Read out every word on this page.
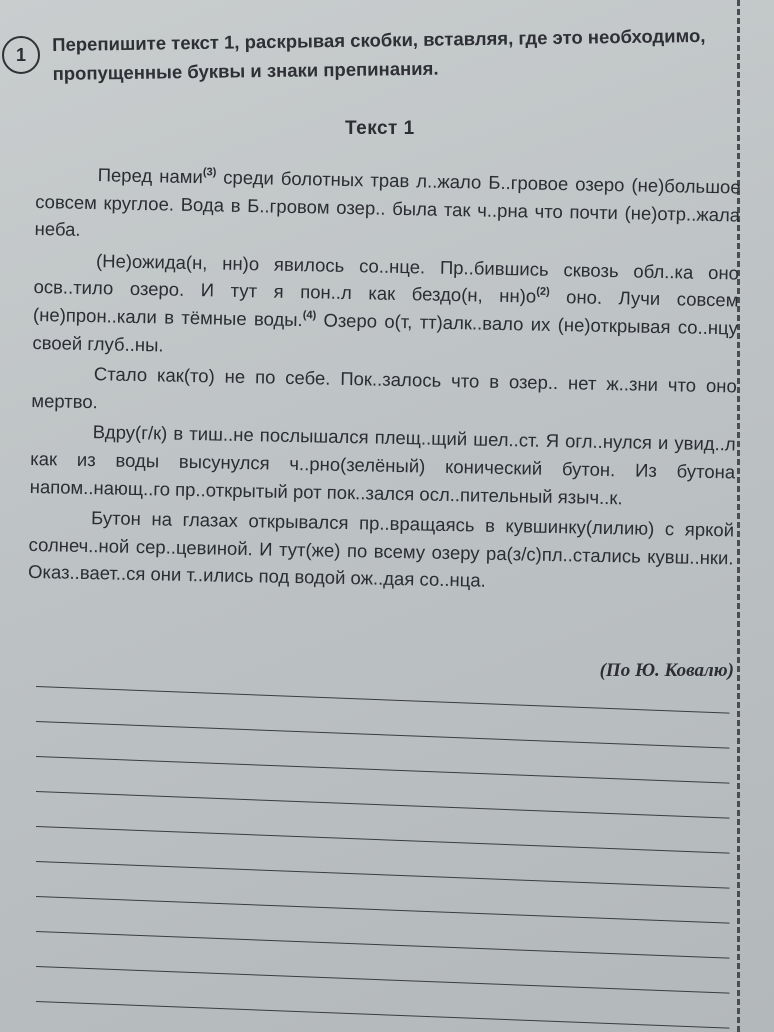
1
Перепишите текст 1, раскрывая скобки, вставляя, где это необходимо, пропущенные буквы и знаки препинания.
Текст 1

Перед нами$^{(3)}$ среди болотных трав л..жало Б..гровое озеро (не)большое совсем круглое. Вода в Б..гровом озер.. была так ч..рна что почти (не)отр..жала неба.

(Не)ожида(н, нн)о явилось со..нце. Пр..бившись сквозь обл..ка оно осв..тило озеро. И тут я пон..л как бездо(н, нн)о$^{(2)}$ оно. Лучи совсем (не)прон..кали в тёмные воды.$^{(4)}$ Озеро о(т, тт)алк..вало их (не)открывая со..нцу своей глуб..ны.

Стало как(то) не по себе. Пок..залось что в озер.. нет ж..зни что оно мертво.

Вдру(г/к) в тиш..не послышался плещ..щий шел..ст. Я огл..нулся и увид..л как из воды высунулся ч..рно(зелёный) конический бутон. Из бутона напом..нающ..го пр..открытый рот пок..зался осл..пительный языч..к.

Бутон на глазах открывался пр..вращаясь в кувшинку(лилию) с яркой солнеч..ной сер..цевиной. И тут(же) по всему озеру ра(з/с)пл..стались кувш..нки. Оказ..вает..ся они т..ились под водой ож..дая со..нца.

(По Ю. Ковалю)
